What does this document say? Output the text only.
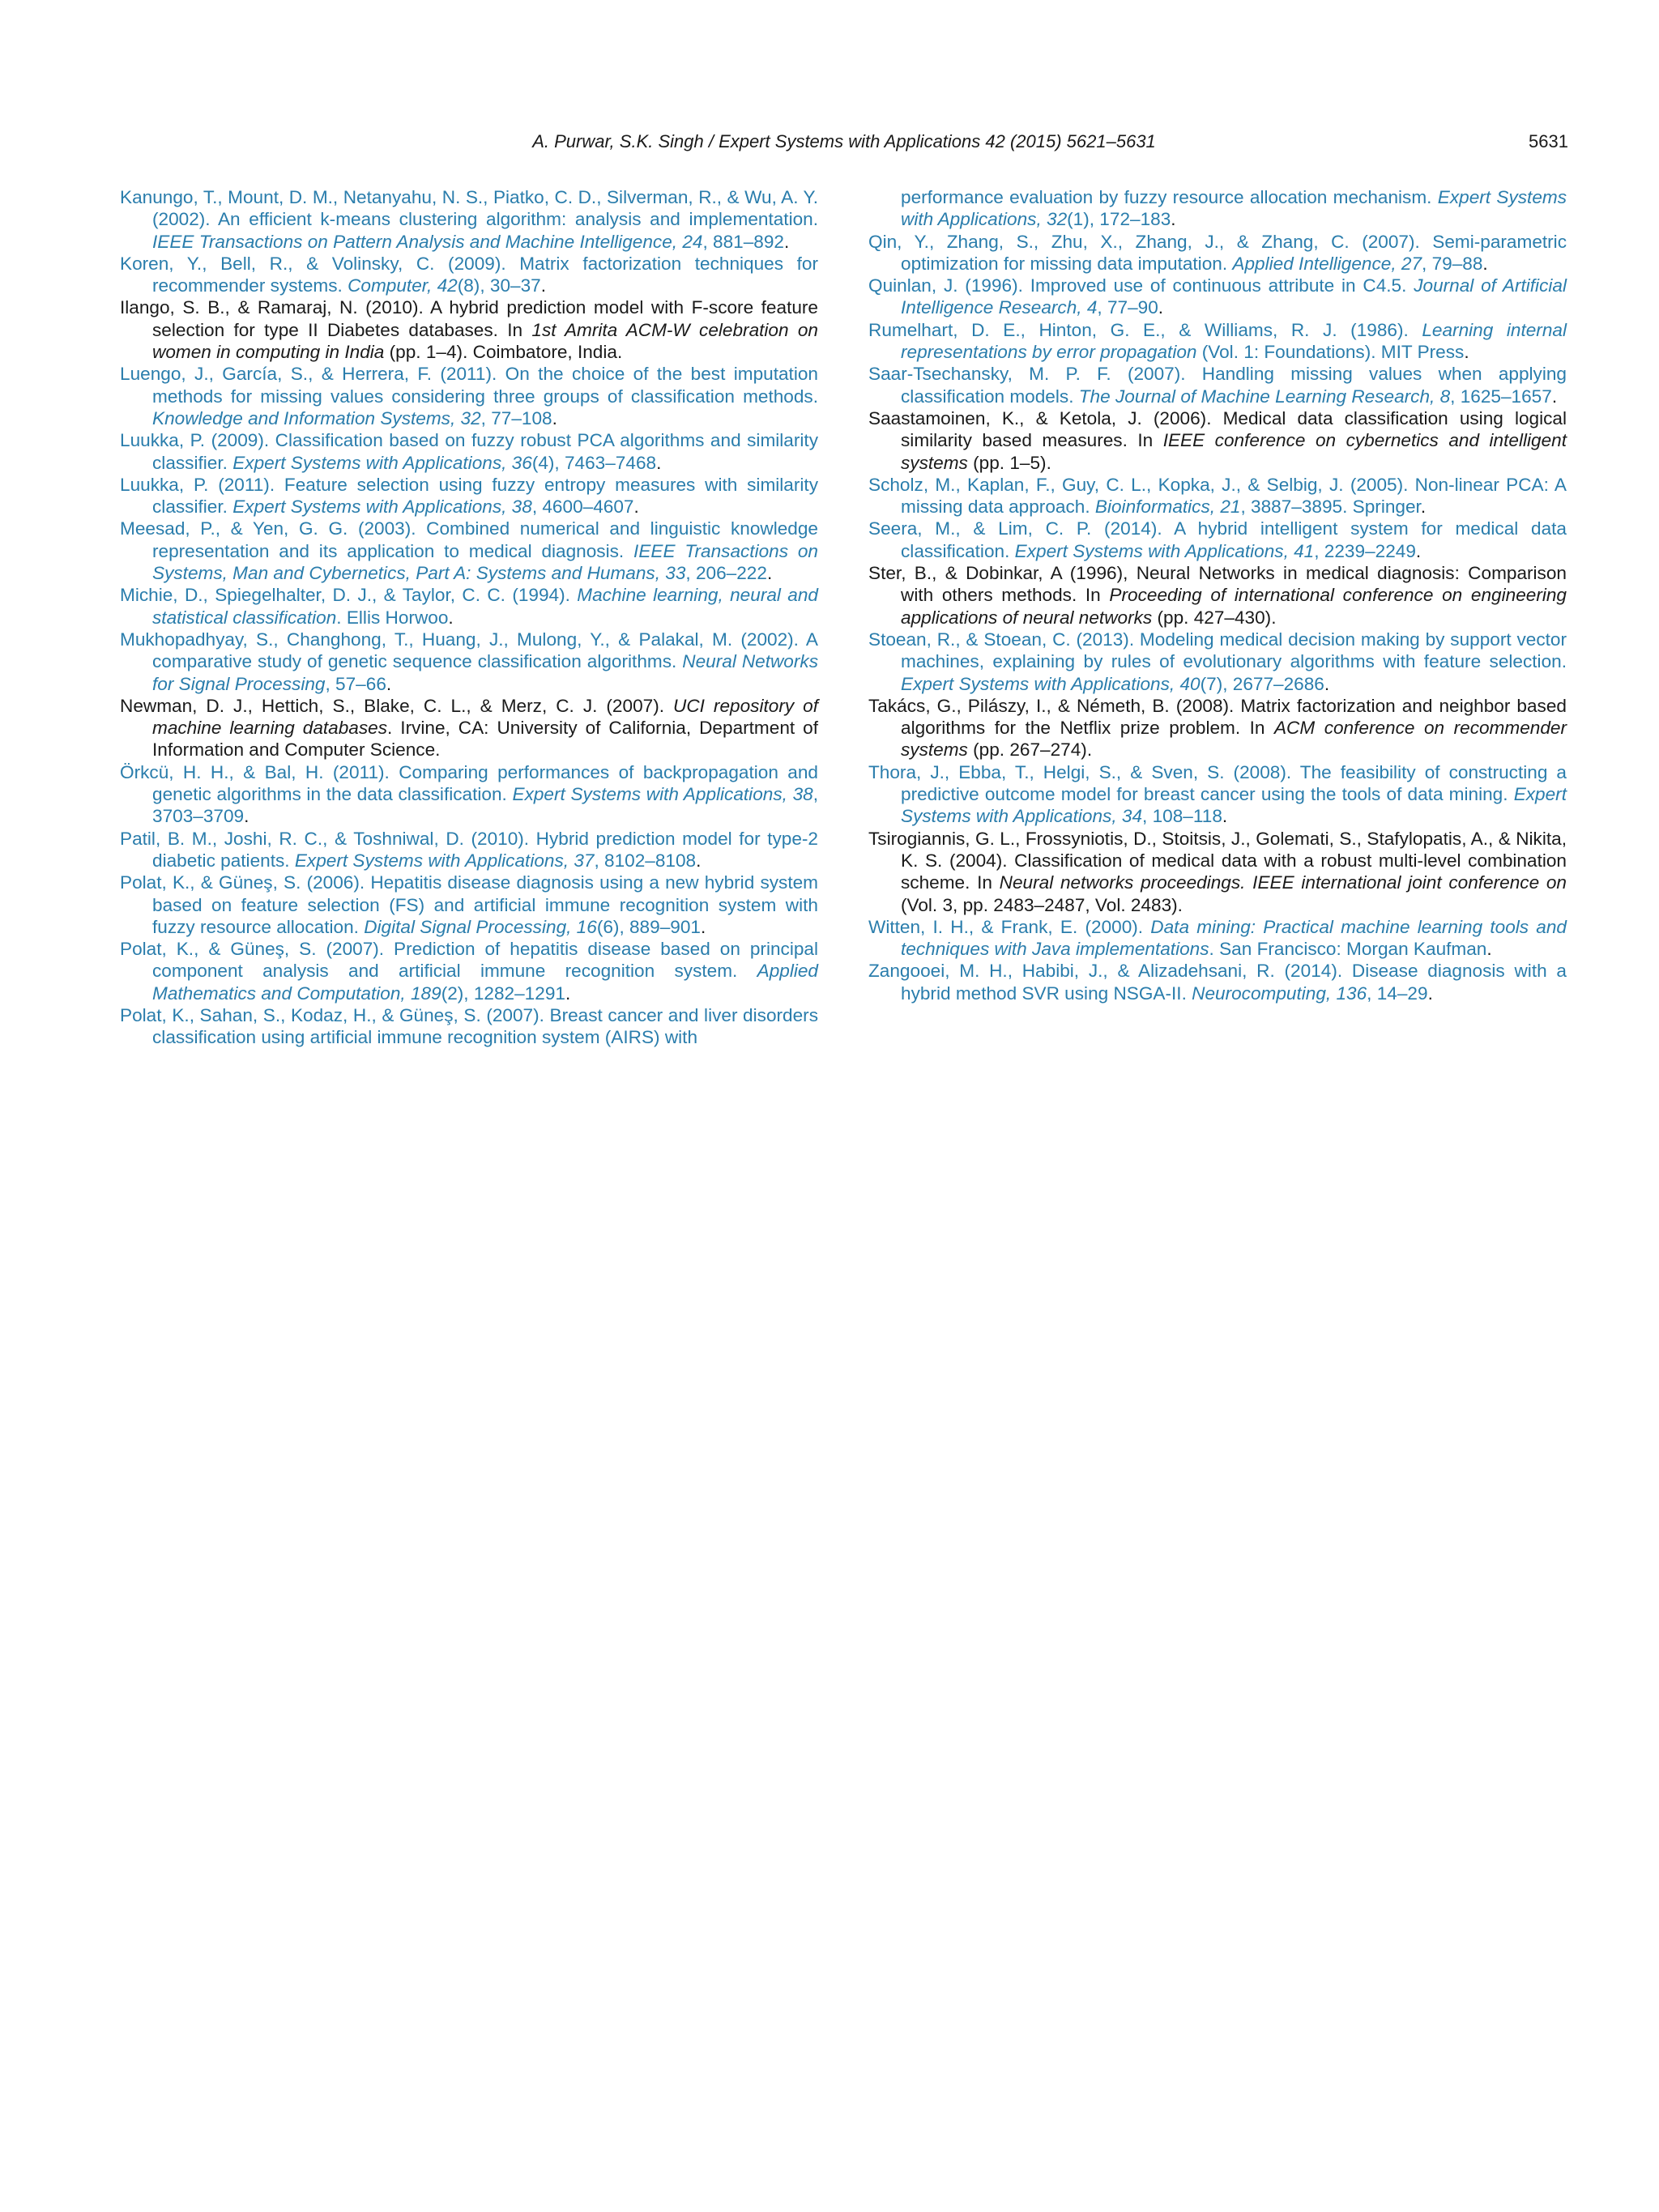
A. Purwar, S.K. Singh / Expert Systems with Applications 42 (2015) 5621–5631	5631

Kanungo, T., Mount, D. M., Netanyahu, N. S., Piatko, C. D., Silverman, R., & Wu, A. Y. (2002). An efficient k-means clustering algorithm: analysis and implementation. IEEE Transactions on Pattern Analysis and Machine Intelligence, 24, 881–892.

Koren, Y., Bell, R., & Volinsky, C. (2009). Matrix factorization techniques for recommender systems. Computer, 42(8), 30–37.

Ilango, S. B., & Ramaraj, N. (2010). A hybrid prediction model with F-score feature selection for type II Diabetes databases. In 1st Amrita ACM-W celebration on women in computing in India (pp. 1–4). Coimbatore, India.

Luengo, J., García, S., & Herrera, F. (2011). On the choice of the best imputation methods for missing values considering three groups of classification methods. Knowledge and Information Systems, 32, 77–108.

Luukka, P. (2009). Classification based on fuzzy robust PCA algorithms and similarity classifier. Expert Systems with Applications, 36(4), 7463–7468.

Luukka, P. (2011). Feature selection using fuzzy entropy measures with similarity classifier. Expert Systems with Applications, 38, 4600–4607.

Meesad, P., & Yen, G. G. (2003). Combined numerical and linguistic knowledge representation and its application to medical diagnosis. IEEE Transactions on Systems, Man and Cybernetics, Part A: Systems and Humans, 33, 206–222.

Michie, D., Spiegelhalter, D. J., & Taylor, C. C. (1994). Machine learning, neural and statistical classification. Ellis Horwoo.

Mukhopadhyay, S., Changhong, T., Huang, J., Mulong, Y., & Palakal, M. (2002). A comparative study of genetic sequence classification algorithms. Neural Networks for Signal Processing, 57–66.

Newman, D. J., Hettich, S., Blake, C. L., & Merz, C. J. (2007). UCI repository of machine learning databases. Irvine, CA: University of California, Department of Information and Computer Science.

Örkcü, H. H., & Bal, H. (2011). Comparing performances of backpropagation and genetic algorithms in the data classification. Expert Systems with Applications, 38, 3703–3709.

Patil, B. M., Joshi, R. C., & Toshniwal, D. (2010). Hybrid prediction model for type-2 diabetic patients. Expert Systems with Applications, 37, 8102–8108.

Polat, K., & Güneş, S. (2006). Hepatitis disease diagnosis using a new hybrid system based on feature selection (FS) and artificial immune recognition system with fuzzy resource allocation. Digital Signal Processing, 16(6), 889–901.

Polat, K., & Güneş, S. (2007). Prediction of hepatitis disease based on principal component analysis and artificial immune recognition system. Applied Mathematics and Computation, 189(2), 1282–1291.

Polat, K., Sahan, S., Kodaz, H., & Güneş, S. (2007). Breast cancer and liver disorders classification using artificial immune recognition system (AIRS) with

performance evaluation by fuzzy resource allocation mechanism. Expert Systems with Applications, 32(1), 172–183.

Qin, Y., Zhang, S., Zhu, X., Zhang, J., & Zhang, C. (2007). Semi-parametric optimization for missing data imputation. Applied Intelligence, 27, 79–88.

Quinlan, J. (1996). Improved use of continuous attribute in C4.5. Journal of Artificial Intelligence Research, 4, 77–90.

Rumelhart, D. E., Hinton, G. E., & Williams, R. J. (1986). Learning internal representations by error propagation (Vol. 1: Foundations). MIT Press.

Saar-Tsechansky, M. P. F. (2007). Handling missing values when applying classification models. The Journal of Machine Learning Research, 8, 1625–1657.

Saastamoinen, K., & Ketola, J. (2006). Medical data classification using logical similarity based measures. In IEEE conference on cybernetics and intelligent systems (pp. 1–5).

Scholz, M., Kaplan, F., Guy, C. L., Kopka, J., & Selbig, J. (2005). Non-linear PCA: A missing data approach. Bioinformatics, 21, 3887–3895. Springer.

Seera, M., & Lim, C. P. (2014). A hybrid intelligent system for medical data classification. Expert Systems with Applications, 41, 2239–2249.

Ster, B., & Dobinkar, A (1996), Neural Networks in medical diagnosis: Comparison with others methods. In Proceeding of international conference on engineering applications of neural networks (pp. 427–430).

Stoean, R., & Stoean, C. (2013). Modeling medical decision making by support vector machines, explaining by rules of evolutionary algorithms with feature selection. Expert Systems with Applications, 40(7), 2677–2686.

Takács, G., Pilászy, I., & Németh, B. (2008). Matrix factorization and neighbor based algorithms for the Netflix prize problem. In ACM conference on recommender systems (pp. 267–274).

Thora, J., Ebba, T., Helgi, S., & Sven, S. (2008). The feasibility of constructing a predictive outcome model for breast cancer using the tools of data mining. Expert Systems with Applications, 34, 108–118.

Tsirogiannis, G. L., Frossyniotis, D., Stoitsis, J., Golemati, S., Stafylopatis, A., & Nikita, K. S. (2004). Classification of medical data with a robust multi-level combination scheme. In Neural networks proceedings. IEEE international joint conference on (Vol. 3, pp. 2483–2487, Vol. 2483).

Witten, I. H., & Frank, E. (2000). Data mining: Practical machine learning tools and techniques with Java implementations. San Francisco: Morgan Kaufman.

Zangooei, M. H., Habibi, J., & Alizadehsani, R. (2014). Disease diagnosis with a hybrid method SVR using NSGA-II. Neurocomputing, 136, 14–29.
